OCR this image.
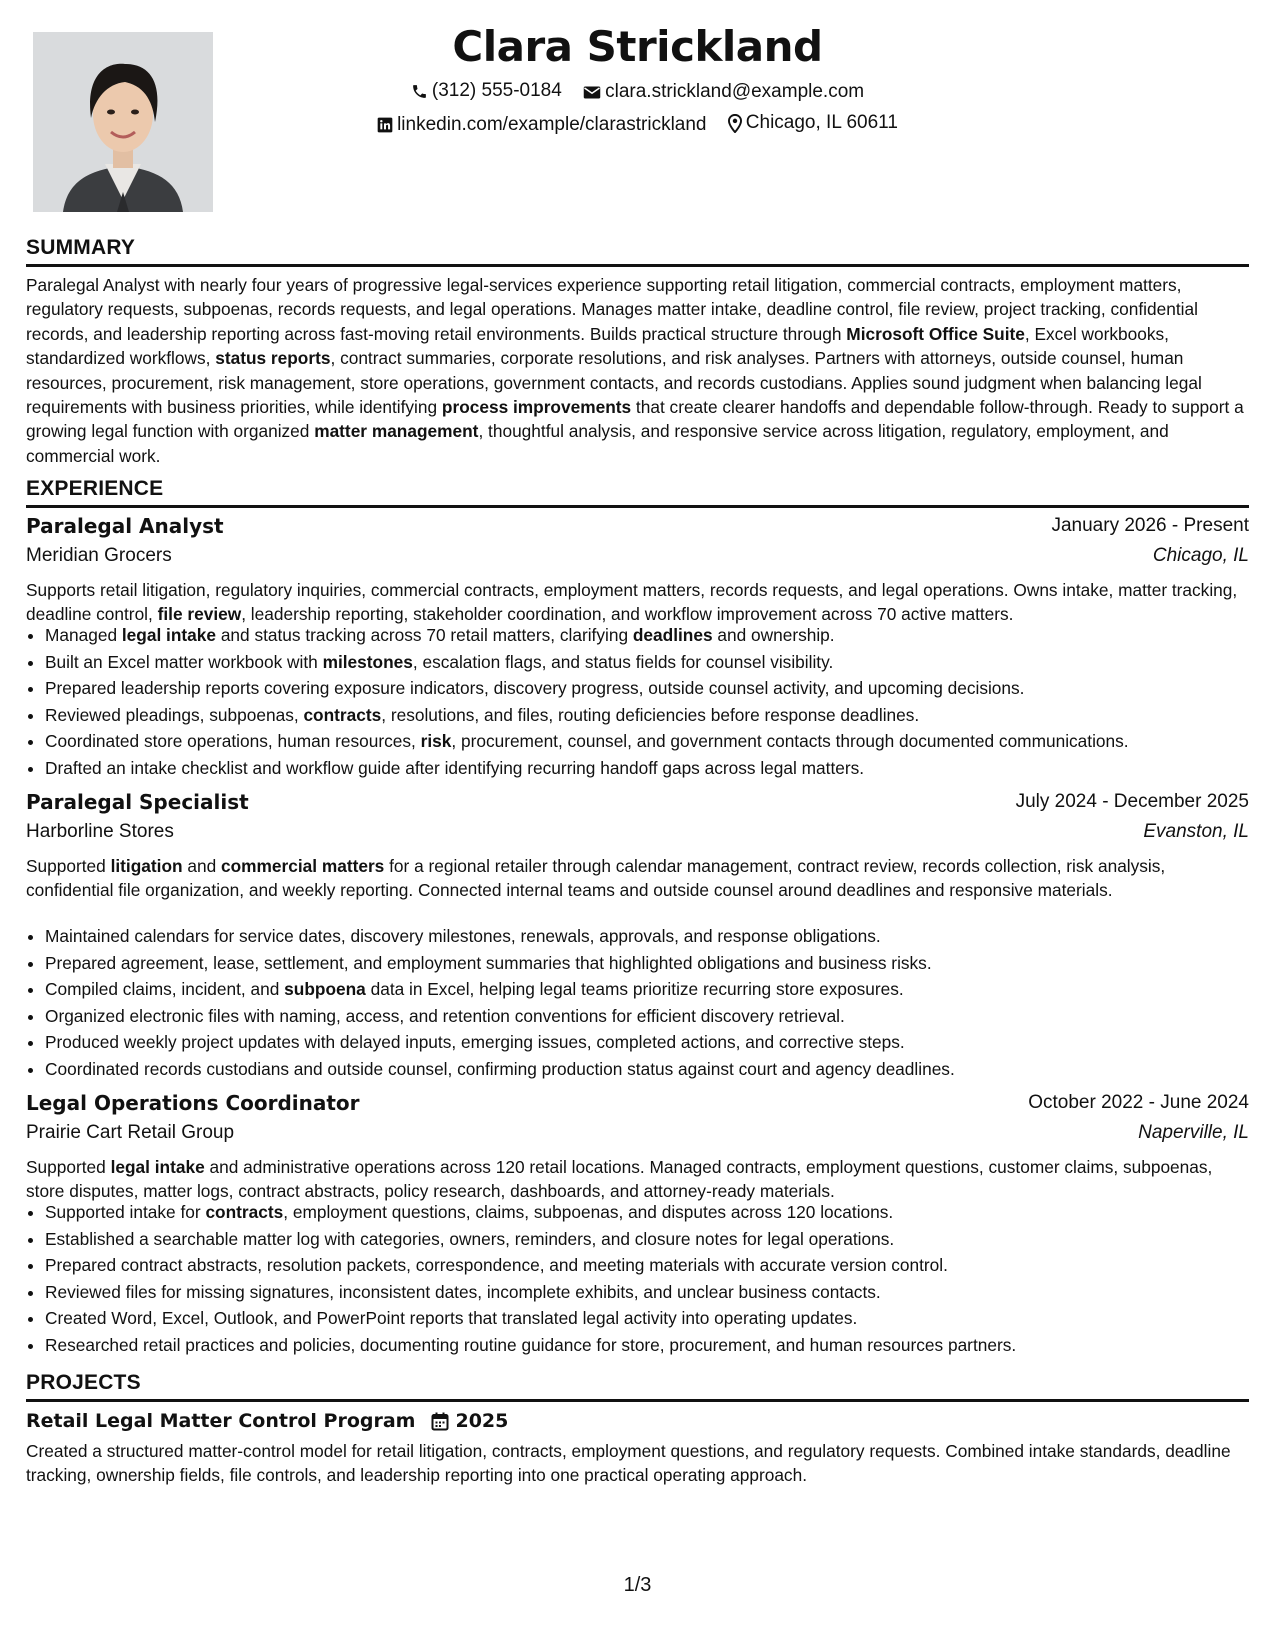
Clara Strickland
(312) 555-0184
clara.strickland@example.com
linkedin.com/example/clarastrickland
Chicago, IL 60611
SUMMARY
Paralegal Analyst with nearly four years of progressive legal-services experience supporting retail litigation, commercial contracts, employment matters, regulatory requests, subpoenas, records requests, and legal operations. Manages matter intake, deadline control, file review, project tracking, confidential records, and leadership reporting across fast-moving retail environments. Builds practical structure through Microsoft Office Suite, Excel workbooks, standardized workflows, status reports, contract summaries, corporate resolutions, and risk analyses. Partners with attorneys, outside counsel, human resources, procurement, risk management, store operations, government contacts, and records custodians. Applies sound judgment when balancing legal requirements with business priorities, while identifying process improvements that create clearer handoffs and dependable follow-through. Ready to support a growing legal function with organized matter management, thoughtful analysis, and responsive service across litigation, regulatory, employment, and commercial work.
EXPERIENCE
Paralegal Analyst	January 2026 - Present
Meridian Grocers	Chicago, IL
Supports retail litigation, regulatory inquiries, commercial contracts, employment matters, records requests, and legal operations. Owns intake, matter tracking, deadline control, file review, leadership reporting, stakeholder coordination, and workflow improvement across 70 active matters.
• Managed legal intake and status tracking across 70 retail matters, clarifying deadlines and ownership.
• Built an Excel matter workbook with milestones, escalation flags, and status fields for counsel visibility.
• Prepared leadership reports covering exposure indicators, discovery progress, outside counsel activity, and upcoming decisions.
• Reviewed pleadings, subpoenas, contracts, resolutions, and files, routing deficiencies before response deadlines.
• Coordinated store operations, human resources, risk, procurement, counsel, and government contacts through documented communications.
• Drafted an intake checklist and workflow guide after identifying recurring handoff gaps across legal matters.
Paralegal Specialist	July 2024 - December 2025
Harborline Stores	Evanston, IL
Supported litigation and commercial matters for a regional retailer through calendar management, contract review, records collection, risk analysis, confidential file organization, and weekly reporting. Connected internal teams and outside counsel around deadlines and responsive materials.
• Maintained calendars for service dates, discovery milestones, renewals, approvals, and response obligations.
• Prepared agreement, lease, settlement, and employment summaries that highlighted obligations and business risks.
• Compiled claims, incident, and subpoena data in Excel, helping legal teams prioritize recurring store exposures.
• Organized electronic files with naming, access, and retention conventions for efficient discovery retrieval.
• Produced weekly project updates with delayed inputs, emerging issues, completed actions, and corrective steps.
• Coordinated records custodians and outside counsel, confirming production status against court and agency deadlines.
Legal Operations Coordinator	October 2022 - June 2024
Prairie Cart Retail Group	Naperville, IL
Supported legal intake and administrative operations across 120 retail locations. Managed contracts, employment questions, customer claims, subpoenas, store disputes, matter logs, contract abstracts, policy research, dashboards, and attorney-ready materials.
• Supported intake for contracts, employment questions, claims, subpoenas, and disputes across 120 locations.
• Established a searchable matter log with categories, owners, reminders, and closure notes for legal operations.
• Prepared contract abstracts, resolution packets, correspondence, and meeting materials with accurate version control.
• Reviewed files for missing signatures, inconsistent dates, incomplete exhibits, and unclear business contacts.
• Created Word, Excel, Outlook, and PowerPoint reports that translated legal activity into operating updates.
• Researched retail practices and policies, documenting routine guidance for store, procurement, and human resources partners.
PROJECTS
Retail Legal Matter Control Program 2025
Created a structured matter-control model for retail litigation, contracts, employment questions, and regulatory requests. Combined intake standards, deadline tracking, ownership fields, file controls, and leadership reporting into one practical operating approach.
1/3
